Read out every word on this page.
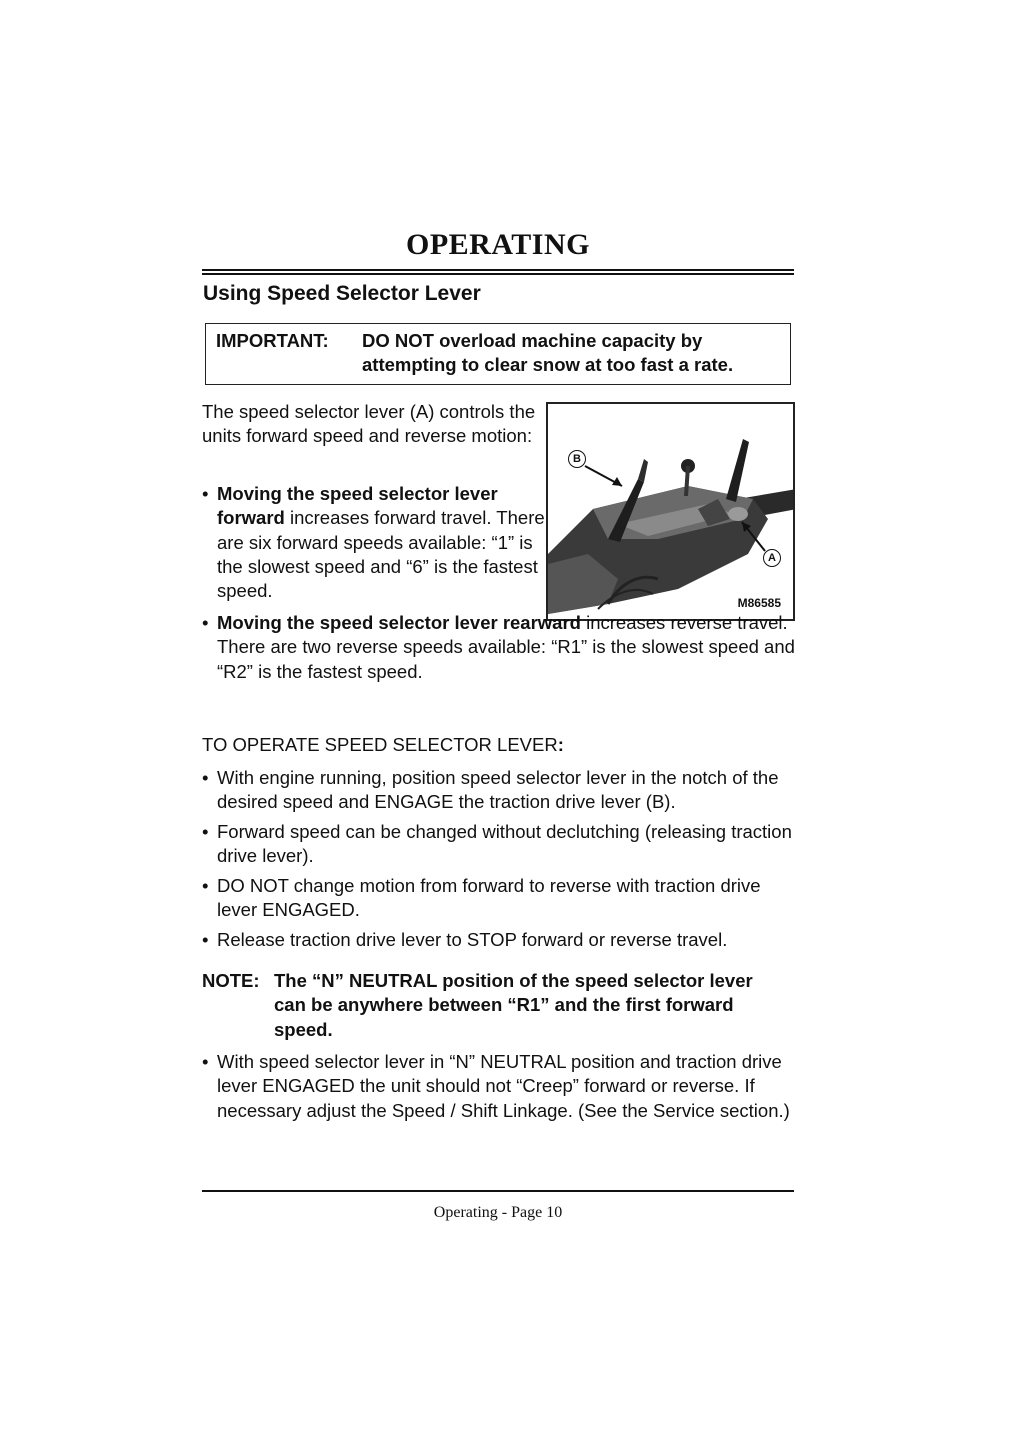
OPERATING
Using Speed Selector Lever
IMPORTANT: DO NOT overload machine capacity by attempting to clear snow at too fast a rate.

The speed selector lever (A) controls the units forward speed and reverse motion:

M86585
B
A

• Moving the speed selector lever forward increases forward travel. There are six forward speeds available: “1” is the slowest speed and “6” is the fastest speed.

• Moving the speed selector lever rearward increases reverse travel. There are two reverse speeds available: “R1” is the slowest speed and “R2” is the fastest speed.

TO OPERATE SPEED SELECTOR LEVER:

• With engine running, position speed selector lever in the notch of the desired speed and ENGAGE the traction drive lever (B).

• Forward speed can be changed without declutching (releasing traction drive lever).

• DO NOT change motion from forward to reverse with traction drive lever ENGAGED.

• Release traction drive lever to STOP forward or reverse travel.

NOTE: The “N” NEUTRAL position of the speed selector lever can be anywhere between “R1” and the first forward speed.

• With speed selector lever in “N” NEUTRAL position and traction drive lever ENGAGED the unit should not “Creep” forward or reverse. If necessary adjust the Speed / Shift Linkage. (See the Service section.)

Operating - Page 10
